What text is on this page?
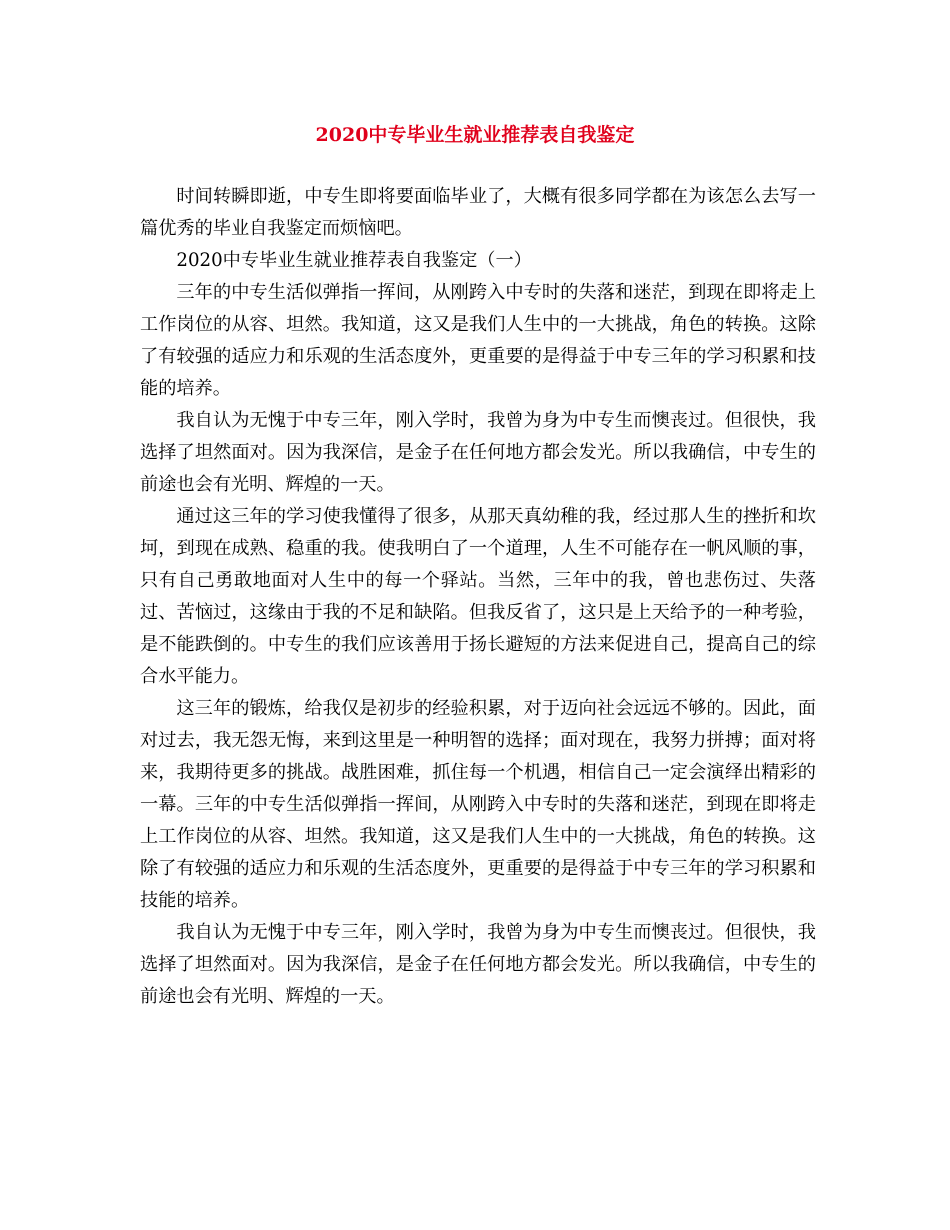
2020中专毕业生就业推荐表自我鉴定

时间转瞬即逝，中专生即将要面临毕业了，大概有很多同学都在为该怎么去写一篇优秀的毕业自我鉴定而烦恼吧。

2020中专毕业生就业推荐表自我鉴定（一）

三年的中专生活似弹指一挥间，从刚跨入中专时的失落和迷茫，到现在即将走上工作岗位的从容、坦然。我知道，这又是我们人生中的一大挑战，角色的转换。这除了有较强的适应力和乐观的生活态度外，更重要的是得益于中专三年的学习积累和技能的培养。

我自认为无愧于中专三年，刚入学时，我曾为身为中专生而懊丧过。但很快，我选择了坦然面对。因为我深信，是金子在任何地方都会发光。所以我确信，中专生的前途也会有光明、辉煌的一天。

通过这三年的学习使我懂得了很多，从那天真幼稚的我，经过那人生的挫折和坎坷，到现在成熟、稳重的我。使我明白了一个道理，人生不可能存在一帆风顺的事，只有自己勇敢地面对人生中的每一个驿站。当然，三年中的我，曾也悲伤过、失落过、苦恼过，这缘由于我的不足和缺陷。但我反省了，这只是上天给予的一种考验，是不能跌倒的。中专生的我们应该善用于扬长避短的方法来促进自己，提高自己的综合水平能力。

这三年的锻炼，给我仅是初步的经验积累，对于迈向社会远远不够的。因此，面对过去，我无怨无悔，来到这里是一种明智的选择；面对现在，我努力拼搏；面对将来，我期待更多的挑战。战胜困难，抓住每一个机遇，相信自己一定会演绎出精彩的一幕。三年的中专生活似弹指一挥间，从刚跨入中专时的失落和迷茫，到现在即将走上工作岗位的从容、坦然。我知道，这又是我们人生中的一大挑战，角色的转换。这除了有较强的适应力和乐观的生活态度外，更重要的是得益于中专三年的学习积累和技能的培养。

我自认为无愧于中专三年，刚入学时，我曾为身为中专生而懊丧过。但很快，我选择了坦然面对。因为我深信，是金子在任何地方都会发光。所以我确信，中专生的前途也会有光明、辉煌的一天。
